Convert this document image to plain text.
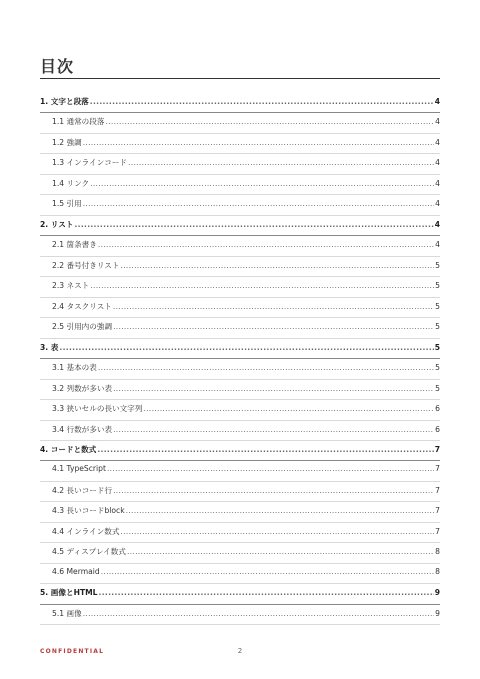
目次
1. 文字と段落 .....	4
1.1 通常の段落 .....	4
1.2 強調 .....	4
1.3 インラインコード .....	4
1.4 リンク .....	4
1.5 引用 .....	4
2. リスト .....	4
2.1 箇条書き .....	4
2.2 番号付きリスト .....	5
2.3 ネスト .....	5
2.4 タスクリスト .....	5
2.5 引用内の強調 .....	5
3. 表 .....	5
3.1 基本の表 .....	5
3.2 列数が多い表 .....	5
3.3 狭いセルの長い文字列 .....	6
3.4 行数が多い表 .....	6
4. コードと数式 .....	7
4.1 TypeScript .....	7
4.2 長いコード行 .....	7
4.3 長いコードblock .....	7
4.4 インライン数式 .....	7
4.5 ディスプレイ数式 .....	8
4.6 Mermaid .....	8
5. 画像とHTML .....	9
5.1 画像 .....	9
CONFIDENTIAL	2
